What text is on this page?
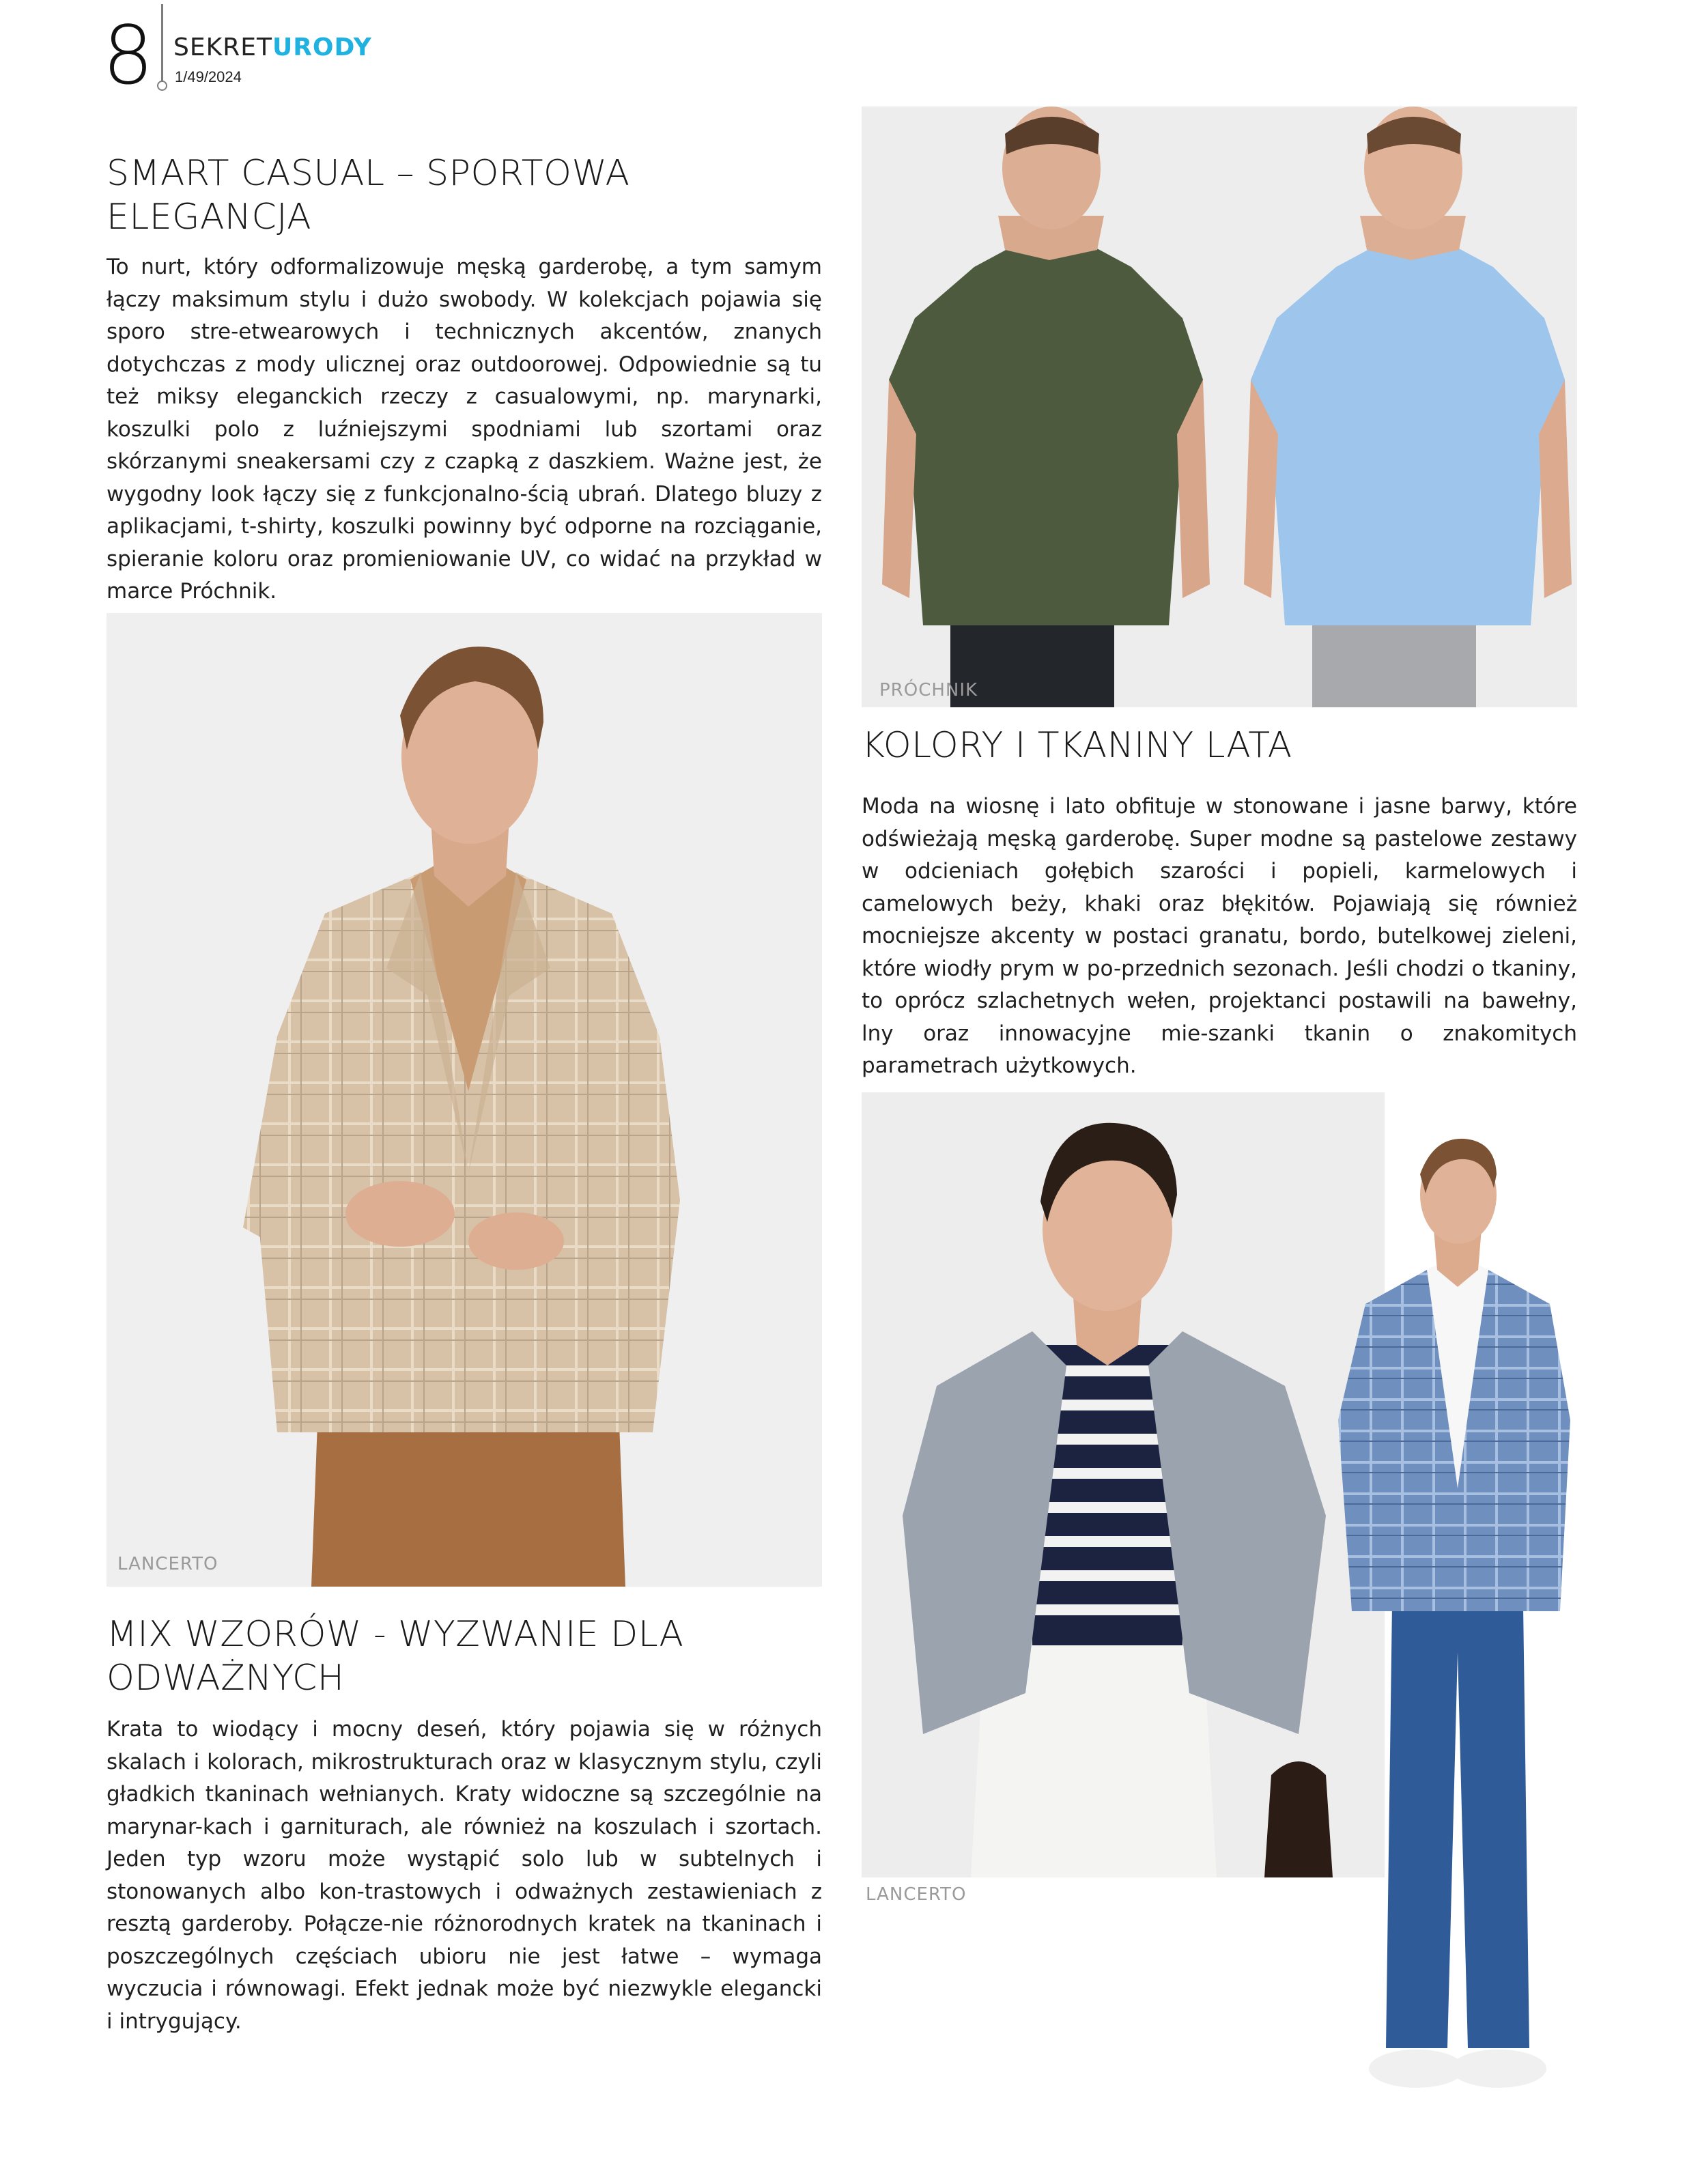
8 SEKRETURODY
1/49/2024
SMART CASUAL – SPORTOWA
ELEGANCJA
To nurt, który odformalizowuje męską garderobę, a tym samym łączy maksimum stylu i dużo swobody. W kolekcjach pojawia się sporo stre-etwearowych i technicznych akcentów, znanych dotychczas z mody ulicznej oraz outdoorowej. Odpowiednie są tu też miksy eleganckich rzeczy z casualowymi, np. marynarki, koszulki polo z luźniejszymi spodniami lub szortami oraz skórzanymi sneakersami czy z czapką z daszkiem. Ważne jest, że wygodny look łączy się z funkcjonalno-ścią ubrań. Dlatego bluzy z aplikacjami, t-shirty, koszulki powinny być odporne na rozciąganie, spieranie koloru oraz promieniowanie UV, co widać na przykład w marce Próchnik.
PRÓCHNIK
KOLORY I TKANINY LATA
Moda na wiosnę i lato obfituje w stonowane i jasne barwy, które odświeżają męską garderobę. Super modne są pastelowe zestawy w odcieniach gołębich szarości i popieli, karmelowych i camelowych beży, khaki oraz błękitów. Pojawiają się również mocniejsze akcenty w postaci granatu, bordo, butelkowej zieleni, które wiodły prym w po-przednich sezonach. Jeśli chodzi o tkaniny, to oprócz szlachetnych wełen, projektanci postawili na bawełny, lny oraz innowacyjne mie-szanki tkanin o znakomitych parametrach użytkowych.
LANCERTO
LANCERTO
MIX WZORÓW - WYZWANIE DLA
ODWAŻNYCH
Krata to wiodący i mocny deseń, który pojawia się w różnych skalach i kolorach, mikrostrukturach oraz w klasycznym stylu, czyli gładkich tkaninach wełnianych. Kraty widoczne są szczególnie na marynar-kach i garniturach, ale również na koszulach i szortach. Jeden typ wzoru może wystąpić solo lub w subtelnych i stonowanych albo kon-trastowych i odważnych zestawieniach z resztą garderoby. Połącze-nie różnorodnych kratek na tkaninach i poszczególnych częściach ubioru nie jest łatwe – wymaga wyczucia i równowagi. Efekt jednak może być niezwykle elegancki i intrygujący.
